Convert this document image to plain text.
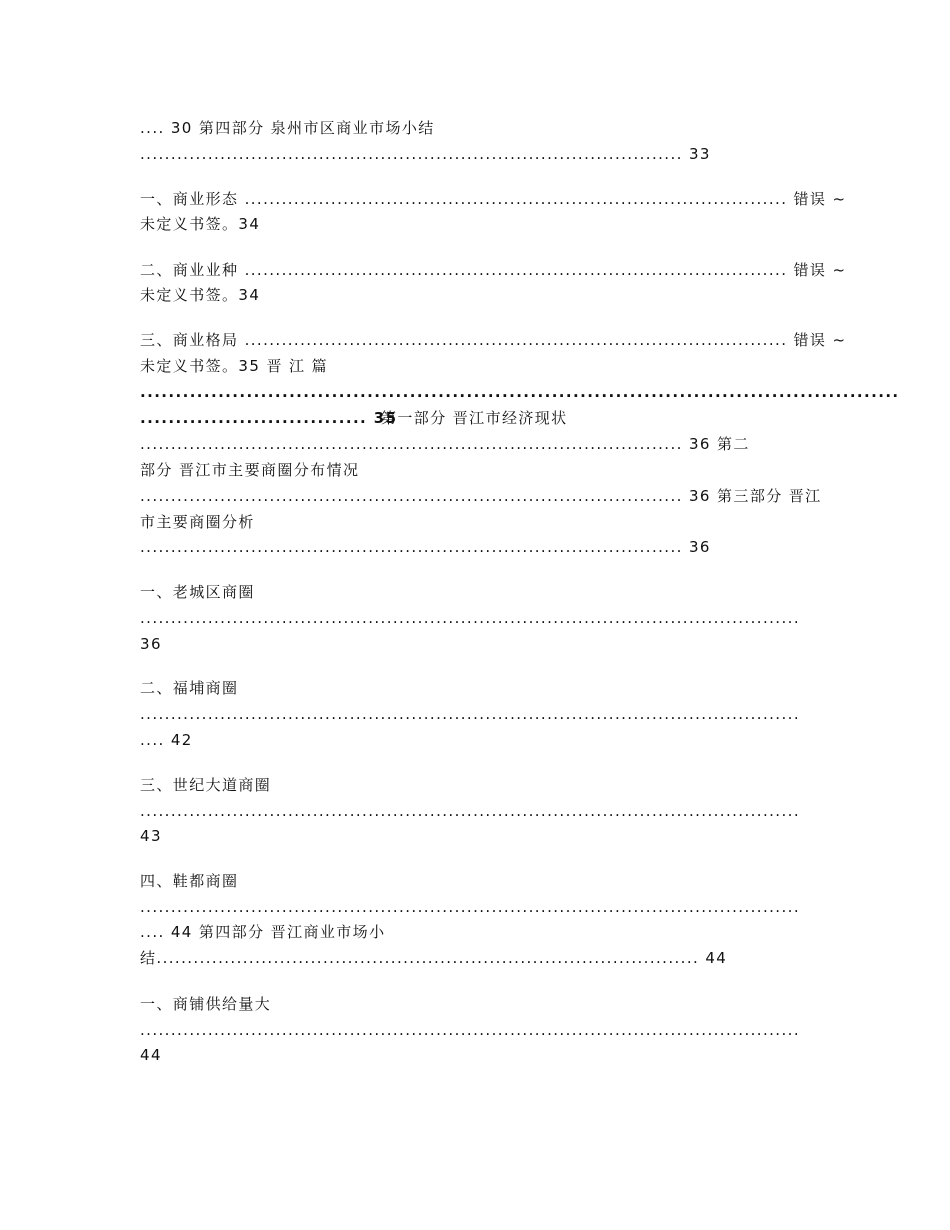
.... 30 第四部分 泉州市区商业市场小结
........................................................................................ 33
一、商业形态 ........................................................................................ 错误 ~
未定义书签。34
二、商业业种 ........................................................................................ 错误 ~
未定义书签。34
三、商业格局 ........................................................................................ 错误 ~
未定义书签。35 晋 江 篇
...........................................................................................................
................................ 35
第一部分 晋江市经济现状
........................................................................................ 36 第二
部分 晋江市主要商圈分布情况
........................................................................................ 36 第三部分 晋江
市主要商圈分析
........................................................................................ 36
一、老城区商圈
...........................................................................................................
36
二、福埔商圈
...........................................................................................................
.... 42
三、世纪大道商圈
...........................................................................................................
43
四、鞋都商圈
...........................................................................................................
.... 44 第四部分 晋江商业市场小
结........................................................................................ 44
一、商铺供给量大
...........................................................................................................
44
